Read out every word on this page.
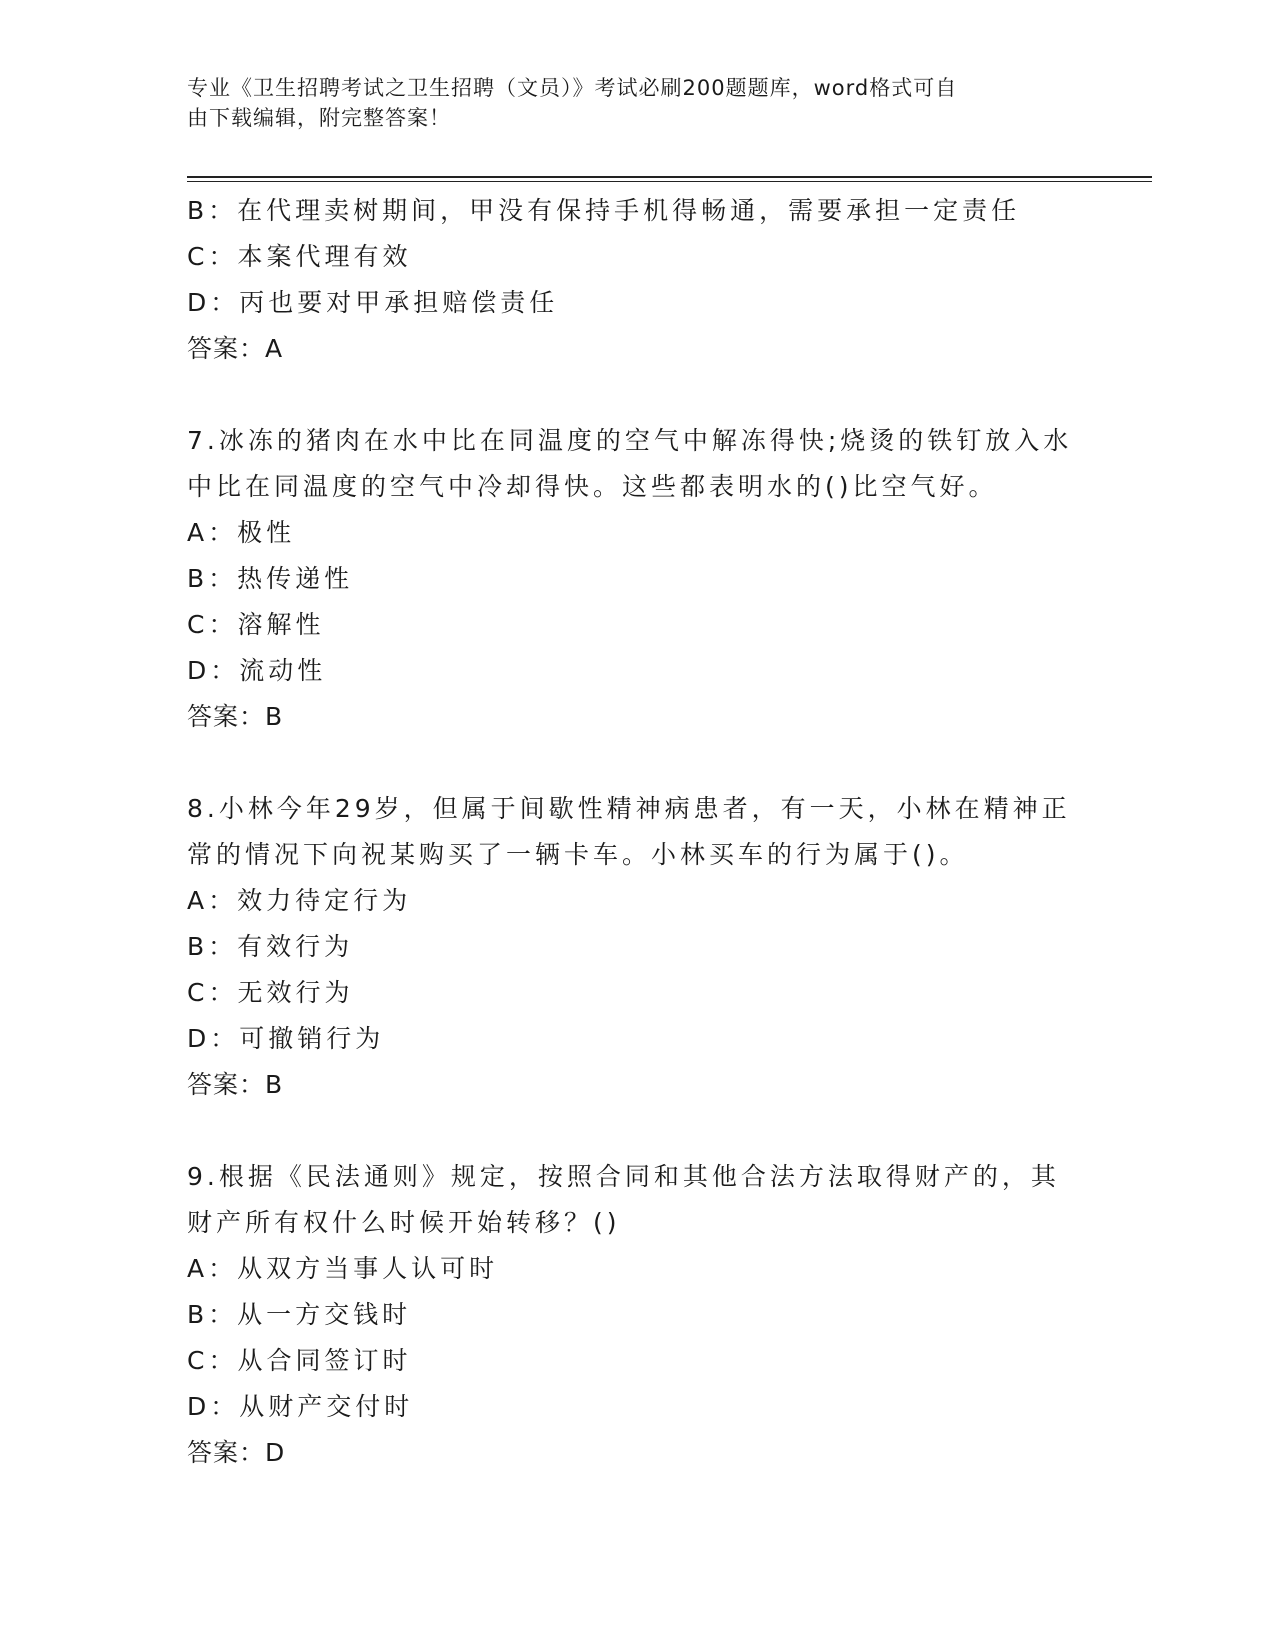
专业《卫生招聘考试之卫生招聘（文员）》考试必刷200题题库，word格式可自
由下载编辑，附完整答案！
B：在代理卖树期间，甲没有保持手机得畅通，需要承担一定责任
C：本案代理有效
D：丙也要对甲承担赔偿责任
答案：A
7.冰冻的猪肉在水中比在同温度的空气中解冻得快;烧烫的铁钉放入水
中比在同温度的空气中冷却得快。这些都表明水的()比空气好。
A：极性
B：热传递性
C：溶解性
D：流动性
答案：B
8.小林今年29岁，但属于间歇性精神病患者，有一天，小林在精神正
常的情况下向祝某购买了一辆卡车。小林买车的行为属于()。
A：效力待定行为
B：有效行为
C：无效行为
D：可撤销行为
答案：B
9.根据《民法通则》规定，按照合同和其他合法方法取得财产的，其
财产所有权什么时候开始转移？()
A：从双方当事人认可时
B：从一方交钱时
C：从合同签订时
D：从财产交付时
答案：D
